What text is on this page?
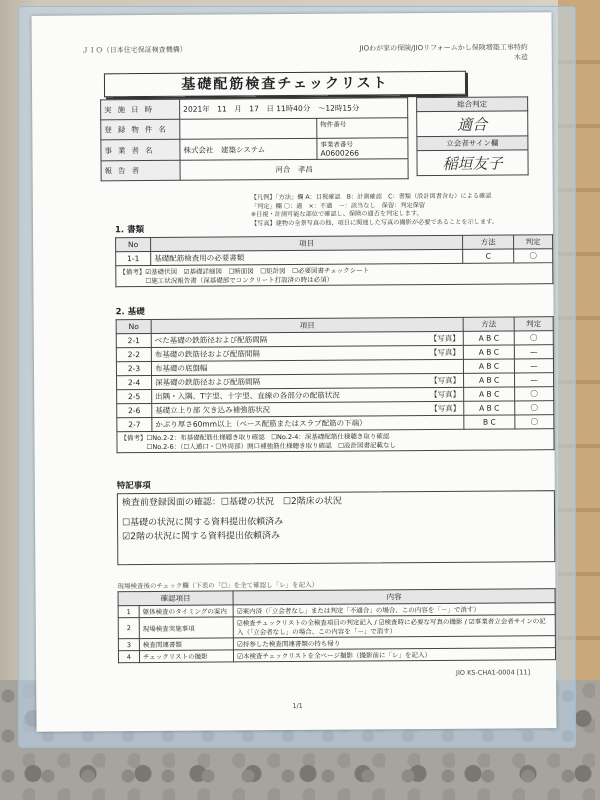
ＪＩＯ（日本住宅保証検査機構）	JIOわが家の保険/JIOリフォームかし保険増築工事特約
木造
基礎配筋検査チェックリスト
実施日時	2021年　11　月　17　日 11時40分　～12時15分	
登録物件名		物件番号
事業者名	株式会社　建築システム	事業者番号
A0600266

報告者	河合　孝昌	
総合判定
適合
立会者サイン欄
稲垣友子
【凡例】「方法」欄 A：目視確認　B：計測確認　C：書類（設計図書含む）による確認
「判定」欄 〇：適　×：不適　－：該当なし　保留：判定保留
※目視・計測可能な部位で確認し、保険の適否を判定します。
【写真】建物の全景写真の他、項目に関連した写真の撮影が必要であることを示します。
1. 書類
No	項目	方法	判定
1-1	基礎配筋検査用の必要書類	C	〇
【備考】☑基礎伏図　☑基礎詳細図　☐断面図　☐矩計図　☐必要図書チェックシート
☐施工状況報告書（深基礎部でコンクリート打設済の時は必須）			
2. 基礎
No	項目	方法	判定
2-1	べた基礎の鉄筋径および配筋間隔 【写真】	A B C	〇
2-2	布基礎の鉄筋径および配筋間隔 【写真】	A B C	—
2-3	布基礎の底盤幅	A B C	—
2-4	深基礎の鉄筋径および配筋間隔 【写真】	A B C	—
2-5	出隅・入隅、T字型、十字型、直線の各部分の配筋状況 【写真】	A B C	〇
2-6	基礎立上り部 欠き込み補強筋状況 【写真】	A B C	〇
2-7	かぶり厚さ60mm以上（ベース配筋またはスラブ配筋の下端）	B C	〇
【備考】☐No.2-2：布基礎配筋仕様聴き取り確認　☐No.2-4：深基礎配筋仕様聴き取り確認
☐No.2-6：（☐人通口・☐外周部）開口補強筋仕様聴き取り確認　☐設計図書記載なし			
特記事項
検査前登録図面の確認：☐基礎の状況　☐2階床の状況
☐基礎の状況に関する資料提出依頼済み
☑2階の状況に関する資料提出依頼済み
現場検査後のチェック欄（下表の「☐」を全て確認し「レ」を記入）
確認項目		内容
1	躯体検査のタイミングの案内	☑案内済（「立会者なし」または判定「不適合」の場合、この内容を「－」で消す）
2	現場検査実施事項	☑検査チェックリストの全検査項目の判定記入 / ☑検査時に必要な写真の撮影 / ☑事業者立会者サインの記入（「立会者なし」の場合、この内容を「－」で消す）
3	検査関連書類	☑持参した検査関連書類の持ち帰り
4	チェックリストの撮影	☑本検査チェックリストを全ページ撮影（撮影前に「レ」を記入）
JIO KS-CHA1-0004 [11]
1/1
